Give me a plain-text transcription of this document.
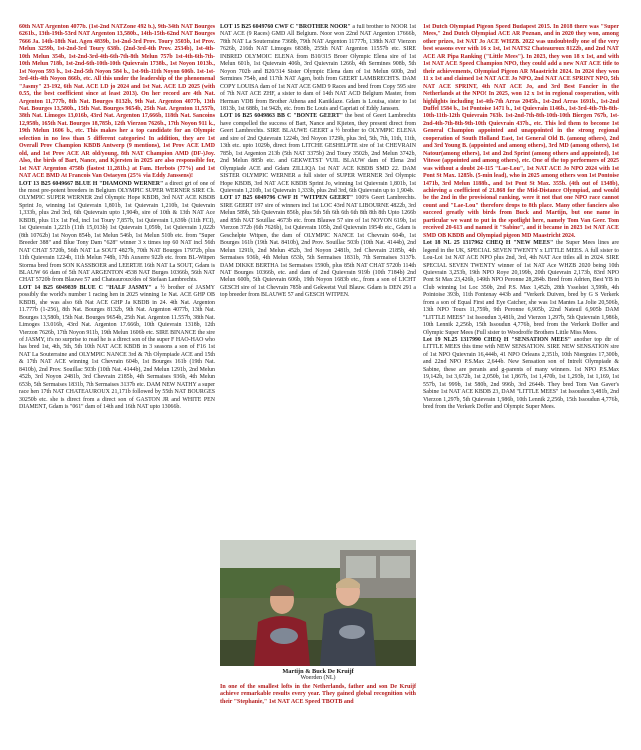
60th NAT Argenton 4077b. (1st-2nd NATZone 492 b.), 9th-34th NAT Bourges 6261b., 13th-19th-53rd NAT Argenton 13,580b., 14th-15th-62nd NAT Bourges 7666 Ja. 14th-18th Nat. Agen 4839b, 1st-2nd-3rd Prov. Toury 3503b, 1st Prov. Melun 3259b, 1st-2nd-3rd Toury 638b. (2nd-3rd-4th Prov. 2534b), 1st-4th-10th Melun 354b, 1st-2nd-3rd-4th-6th-7th-8th Melun 757b 1st-4th-6th-7th-10th Melun 718b, 1st-2nd-6th-10th-10th Quievrain 1738b., 1st Noyon 1013b., 1st Noyon 593 b., 1st-2nd-5th Noyon 584 b., 1st-9th-11th Noyon 606b. 1st-1st-3rd-4th-4th Noyon 866b, etc. All this under the leadership of the phenomenal "Jasmy" 23-192, 6th Nat. ACE LD jo 2024 and 1st Nat. ACE LD 2025 (with 0.55, the best coefficient since at least 2013). On her record are 4th Nat. Argenton 11,777b, 8th Nat. Bourges 8132b, 9th Nat. Argenton 4077b, 13th Nat. Bourges 13,580b., 15th Nat. Bourges 9654b, 25th Nat. Argenton 11,557b, 38th Nat. Limoges 13,016b, 43rd Nat. Argenton 17,666b, 118th Nat. Sancoins 12,958b, 165th Nat. Bourges 18,785b, 12th Vierzon 7626b., 17th Noyon 911 k., 19th Melun 1606 b., etc. This makes her a top candidate for an Olympic selection in no less than 5 different categories! In addition, they are 1st Overall Prov Champion KBDB Antwerp (9 mentions), 1st Prov ACE LMD old, and 1st Prov ACE AR old/young, 8th NAT Champion AMD (DF-)Joy. Also, the birds of Bart, Nance, and Kjersten in 2025 are also responsible for, 1st NAT Argenton 4758b (fastest 11,281b.) at Fam. Herbots (77%) and 1st NAT ACE BMD At Francois Van Ostaeyen (25% via Eddy Janssens)!

LOT 13 B25 6049667 BLUE H "DIAMOND WERNER" a direct grt of one of the most pre-potent breeders in Belgium OLYMPIC SUPER WERNER SIRE Ch. OLYMPIC SUPER WERNER 2nd Olympic Hope KBDB, 3rd NAT ACE KBDB Sprint Jo, winning 1st Quievrain 1,801b, 1st Quievrain 1,210b, 1st Quievrain 1,333b, plus 2nd 3rd, 6th Quievrain upto 1,904b, sire of 10th & 13th NAT Ace KBDB, plus 11x 1st Fed, incl 1st Toury 7,857b, 1st Quievrain 1,639b (11th FCI), 1st Quievrain 1,221b (11th 15,013b) 1st Quievrain 1,059b, 1st Quievrain 1,022b (8th 10762b) 1st Noyon 854b, 1st Melun 546b, 1st Melun 510b etc. from "Super Breeder 388" and Blue Tony Dam "628" winner 3 x times top 60 NAT incl 56th NAT CHAT 5720b, 56th NAT La SOUT 4827b, 70th NAT Bourges 17972b, plus 11th Quievrain 1224b, 11th Melun 748b, 17th Auxerre 922b etc. from BL-Witpen Storma bred from SON KASSBOER and LEERTJE 16th NAT La SOUT, Gdam is BLAUW 66 dam of 5th NAT ARGENTON 4538 NAT Burges 10366b, 56th NAT CHAT 5720b from Blauwe 57 and Chateauroux/des of Stefaan Lambrechts.

LOT 14 B25 6049839 BLUE C "HALF JASMY" a ½ brother of JASMY possibly the world's number 1 racing hen in 2025 winning 1e Nat. ACE GHP OB KBDB, she was also 6th Nat ACE GHP Ja KBDB in 24. 4th Nat. Argenton 11.777b (1-256), 8th Nat. Bourges 8132b, 9th Nat. Argenton 4077b, 13th Nat. Bourges 13,580b, 15th Nat. Bourges 9654b, 25th Nat. Argenton 11.557b, 38th Nat. Limoges 13.016b, 43rd Nat. Argenton 17.666b, 10th Quievrain 1318b, 12th Vierzon 7626b, 17th Noyon 911b, 19th Melun 1606b etc. SIRE BINANCE the sire of JASMY, it's no surprise to read he is a direct son of the super F HAO-HAO who has bred 1st, 4th, 5th, 5th 10th NAT ACE KBDB in 3 seasons a son of F16 1st NAT La Souterraine and OLYMPIC NANCE 3rd & 7th Olympiade ACE and 15th & 17th NAT ACE winning 1st Chevrain 604b, 1st Bourges 161b (19th Nat. 8410b), 2nd Prov. Souillac 503b (10th Nat. 4144b), 2nd Melun 1291b, 2nd Melun 452b, 3rd Noyon 2481b, 3rd Chevrain 2185b, 4th Sermaises 936b, 4th Melun 653b, 5th Sermaises 1831b, 7th Sermaises 3137b etc. DAM NEW NATHY a super race hen 17th NAT CHATEAUROUX 21,171b followed by 55th NAT BOURGES 30250b etc. she is direct from a direct son of GASTON JR and WHITE PEN DIAMENT, Gdam is "061" dam of 14th and 16th NAT upto 13066b.

LOT 15 B25 6049760 CWF C "BROTHER NOOR" a full brother to NOOR 1st NAT ACE (9 Races) GMD All Belgium. Noor won 22nd NAT Argenton 17666b, 78th NAT La Souterraine 7368b, 79th NAT Argenton 11777b, 138th NAT Vierzon 7626b, 216th NAT Limoges 6838b, 255th NAT Argenton 11557b etc. SIRE INBRED OLYMOIC ELENA from B10/315 Broer Olympic Elena sire of 1st Melun 601b, 1st Quievrain 406b, 3rd Quievrain 1266b, 4th Sermines 908b, 5th Noyon 702b and B20/314 Sister Olympic Elena dam of 1st Melun 600b, 2nd Sermines 754b, and 117th NAT Agen, both from GEERT LAMBRECHTS. DAM COPY LOUISA dam of 1st NAT ACE GMD 9 Races and bred from Copy 595 sire of 7th NAT ACE ZHF, a sister to dam of 14th NAT ACD Belgium Master, from Herman VDB from Brother Athena and Kaniklaze. Gdam is Louisa, sister to 1st 1813b, 1st 688b, 1st 942b, etc. from Bc Louis and Capriati of Eddy Janssen.

LOT 16 B25 6049863 BB C "BONTE GEERT" the best of Geert Lambrechts have compelled the success of Bart, Nance and Kjieten, they present direct from Geert Lambrechts. SIRE BLAUWE GEERT a ½ brother to OLYMPIC ELENA and sire of 2nd Quievrain 1224b, 3rd Noyon 1729b, plus 3rd, 5th, 7th, 11th, 11th, 13th etc. upto 1029b, direct from LITCHE GESHELPTE sire of 1st CHEVRAIN 785b, 1st Argenton 213b (5th NAT 3375b) 2nd Toury 3502b, 2nd Melun 3742b, 2nd Melun 885b etc. and GEKWETST VUIL BLAUW dam of Elena 2nd Olympiade ACE and Gdam ZILLIQA 1st NAT ACE KBDB SMD 22. DAM SISTER OLYMPIC WERNER a full sister of SUPER WERNER 3rd Olympic Hope KBDB, 3rd NAT ACE KBDB Sprint Jo, winning 1st Quievrain 1,801b, 1st Quievrain 1,210b, 1st Quievrain 1,333b, plus 2nd 3rd, 6th Quievrain up to 1,904b.

LOT 17 B25 6049796 CWF H "WITPEN GEERT" 100% Geert Lambrechts. SIRE GEERT 197 sire of winners incl 1st LOC 43rd NAT LIBOURNE 4822b, 3rd Melun 589b, 5th Quievrain 856b, plus 5th 5th 6th 6th 6th 8th 8th 8th Upto 1266b and 85th NAT Souillac 4673b etc. from Blauwe 57 sire of 1st NOYON 619b, 1st Vierzon 372b (6th 7626b), 1st Quievrain 105b, 2nd Quievrain 1954b etc., Gdam is Geschelpte Witpen, the dam of OLYMPIC NANCE 1st Chevrain 604b, 1st Bourges 161b (19th Nat. 8410b), 2nd Prov. Souillac 503b (10th Nat. 4144b), 2nd Melun 1291b, 2nd Melun 452b, 3rd Noyon 2481b, 3rd Chevrain 2185b, 4th Sermaises 936b, 4th Melun 653b, 5th Sermaises 1831b, 7th Sermaises 3137b. DAM DIKKE BERTHA 1st Sermaises 1590b, plus 85th NAT CHAT 5720b 114th NAT Bourges 10366b, etc. and dam of 2nd Quievrain 919b (10th 7184b) 2nd Melun 600b, 5th Quievrain 606b, 19th Noyon 1683b etc., from a son of LICHT GESCH sire of 1st Chevrain 785b and Gekwetst Vuil Blauw. Gdam is DEN 291 a top breeder from BLAUWE 57 and GESCH WITPEN.

Martijn & Buck De Kruijf
Woerden (NL)
In one of the smallest lofts in the Netherlands, father and son De Kruijf achieve remarkable results every year. They gained global recognition with their "Stephanie," 1st NAT ACE Speed TBOTB and

1st Dutch Olympiad Pigeon Speed Budapest 2015. In 2018 there was "Super Mees," 2nd Dutch Olympiad ACE AR Poznan, and in 2020 they won, among other prizes, 1st NAT Jo ACE WHZB. 2022 was undoubtedly one of the very best seasons ever with 16 x 1st, 1st NATS2 Chateauroux 8122b, and 2nd NAT ACE AR Pipa Ranking ("Little Mees"). In 2023, they won 18 x 1st, and with 1st NAT ACE Speed Champion NPO, they could add a new NAT ACE title to their achievements, Olympiad Pigeon AR Maastricht 2024. In 2024 they won 11 x 1st and claimed 1st NAT ACE Jo NPO, 2nd NAT ACE SPRINT NPO, 5th NAT ACE SPRINT, 4th NAT ACE Jo, and 3rd Best Fancier in the Netherlands at the NPO! In 2025, won 12 x 1st in regional cooperation, with highlights including 1st-4th-7th Arras 2045b., 1st-2nd Arras 1691b., 1st-2nd Duffel 1584 b., 1st Pontoise 1471 b., 1st Quievrain 1146b., 1st-3rd-4th-7th-8th-10th-11th-12th Quievrain 763b. 1st-2nd-7th-8th-10th-10th Biergen 767b, 1st-2nd-4th-7th-8th-9th-10th Quievrain 437b., etc. This led them to become 1st General Champion appointed and unappointed in the strong regional cooperation of South Holland East, 1st General Old B. (among others), 2nd and 3rd Young B. (appointed and among others), 3rd MD (among others), 1st Natour(among others), 1st and 2nd Sprint (among others and appointed), 1st Vitesse (appointed and among others), etc. One of the top performers of 2025 was without a doubt 24-115 "Lae-Lou", 1st NAT ACE Jo NPO 2024 with 1st Pont St Max. 1285b. (5-min lead), who in 2025 among others won 1st Pontoise 1471b, 3rd Melun 1188b., and 1st Pont St Max. 355b. (4th out of 1348b), achieving a coefficient of 21.868 for the Mid-Distance Olympiad, and would be the 2nd in the provisional ranking, were it not that one NPO race cannot count and "Lae-Lou" therefore drops to 8th place. Many other fanciers also succeed greatly with birds from Buck and Martijn, but one name in particular we want to put in the spotlight here, namely Tom Van Geer. Tom received 20-613 and named it "Sabine", and it became in 2023 1st NAT ACE SMD OB KBDB and Olympiad pigeon MD Maastricht 2024.

Lot 18 NL 25 1317962 CHEQ H "NEW MEES" the Super Mees lines are legend in the UK, SPECIAL SEVEN TWENTY x LITTLE MEES. A full sister to Lou-Loi 1st NAT ACE NPO plus 2nd, 3rd, 4th NAT Ace titles all in 2024. SIRE SPECIAL SEVEN TWENTY winner of 1st NAT Ace WHZB 2020 being 10th Quievrain 3,253b, 19th NPO Roye 20,199b, 20th Quievrain 2,173b, 83rd NPO Pont St Max 23,426b, 149th NPO Peronne 28,284b. Bred from Adrien, Best YB in Club winning 1st Loc 350b, 2nd P.S. Max 1,452b, 28th Ysselstei 3,599b, 4th Pointoise 393b, 11th Fontenay 443b and "Verkerk Duiven, bred by G S Verkerk from a son of Equal First and Eye Catcher, she was 1st Mantes La Jolie 20,506b, 13th NPO Tours 11,759b, 9th Peronne 6,905b, 22nd Nateuil 6,905b DAM "LITTLE MEES" 1st Issoudun 3,481b, 2nd Vierzon 1,297b, 5th Quievrain 1,986b, 10th Lennik 2,256b, 15th Issoudun 4,776b, bred from the Verkerk Doffer and Olympic Super Mees (Full sister to Woodroffe Brothers Little Miss Mees.

Lot 19 NL25 1317990 CHEQ H "SENSATION MEES" another top dtr of LITTLE MEES this time with NEW SENSATION. SIRE NEW SENSATION sire of 1st NPO Quievrain 16,444b, 41 NPO Orleans 2,351b, 10th Niergnies 17,300b, and 22nd NPO P.S.Max 2,644b. New Sensation son of Intrelt Olympiade & Sabine, these are peranis and g-parents of many winners. 1st NPO P.S.Max 19,142b, 1st 3,672b, 1st 2,050b, 1st 1,867b, 1st 1,470b, 1st 1,293b, 1st 1,169, 1st 557b, 1st 999b, 1st 580b, 2nd 996b, 3rd 2644b. They bred Tom Van Gaver's Sabine 1st NAT ACE KBDB 23, DAM "LITTLE MEES" 1st Issoudun 3,481b, 2nd Vierzon 1,297b, 5th Quievrain 1,986b, 10th Lennik 2,256b, 15th Issoudun 4,776b, bred from the Verkerk Doffer and Olympic Super Mees.
